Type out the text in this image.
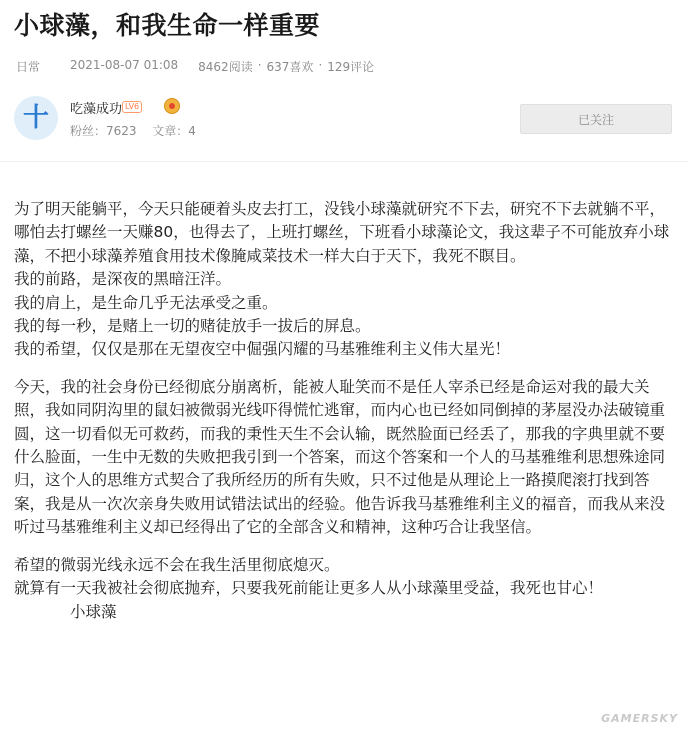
小球藻，和我生命一样重要
日常	2021-08-07 01:08 8462阅读 · 637喜欢 · 129评论
十	吃藻成功 LV6
粉丝：7623 文章：4
已关注

为了明天能躺平，今天只能硬着头皮去打工，没钱小球藻就研究不下去，研究不下去就躺不平，哪怕去打螺丝一天赚80，也得去了，上班打螺丝，下班看小球藻论文，我这辈子不可能放弃小球藻，不把小球藻养殖食用技术像腌咸菜技术一样大白于天下，我死不瞑目。

我的前路，是深夜的黑暗汪洋。

我的肩上，是生命几乎无法承受之重。

我的每一秒，是赌上一切的赌徒放手一拔后的屏息。

我的希望，仅仅是那在无望夜空中倔强闪耀的马基雅维利主义伟大星光！

今天，我的社会身份已经彻底分崩离析，能被人耻笑而不是任人宰杀已经是命运对我的最大关照，我如同阴沟里的鼠妇被微弱光线吓得慌忙逃窜，而内心也已经如同倒掉的茅屋没办法破镜重圆，这一切看似无可救药，而我的秉性天生不会认输，既然脸面已经丢了，那我的字典里就不要什么脸面，一生中无数的失败把我引到一个答案，而这个答案和一个人的马基雅维利思想殊途同归，这个人的思维方式契合了我所经历的所有失败，只不过他是从理论上一路摸爬滚打找到答案，我是从一次次亲身失败用试错法试出的经验。他告诉我马基雅维利主义的福音，而我从来没听过马基雅维利主义却已经得出了它的全部含义和精神，这种巧合让我坚信。

希望的微弱光线永远不会在我生活里彻底熄灭。

就算有一天我被社会彻底抛弃，只要我死前能让更多人从小球藻里受益，我死也甘心！

小球藻

GAMERSKY
